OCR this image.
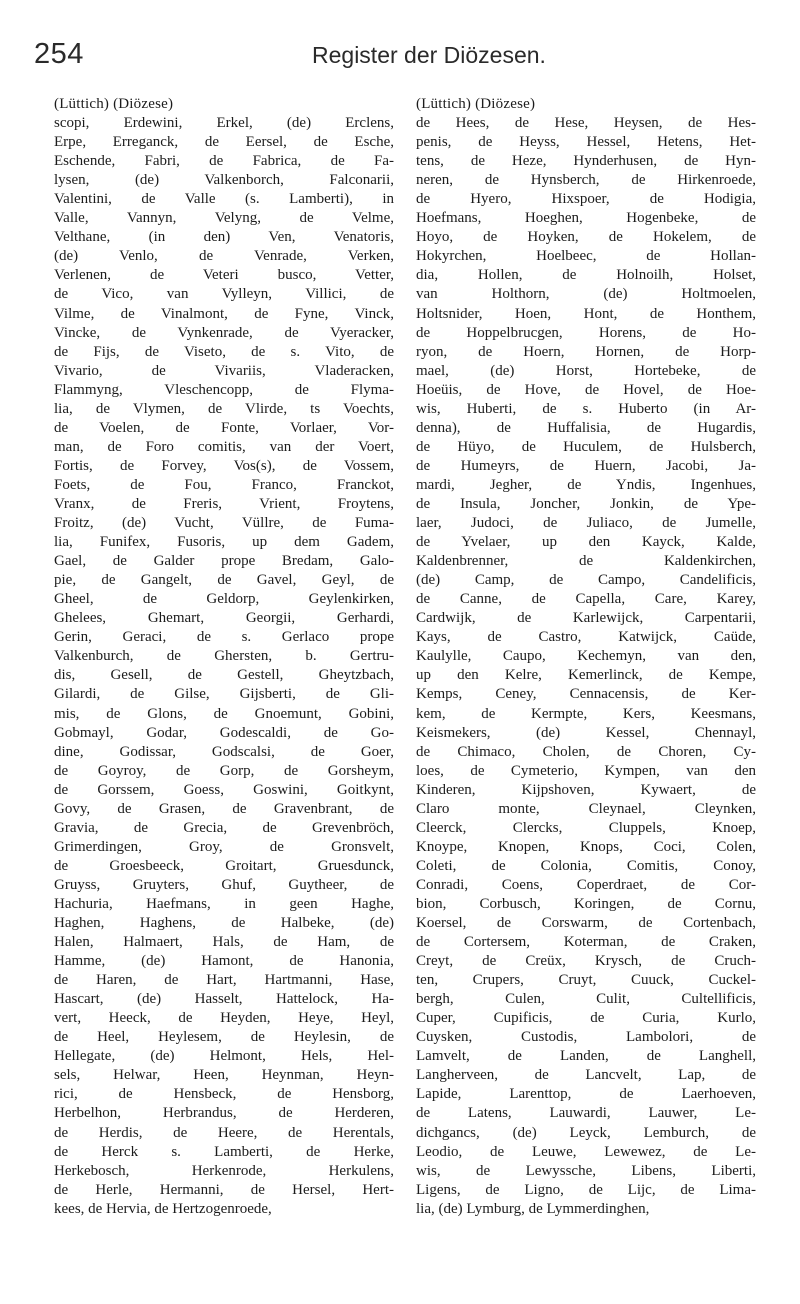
254	Register der Diözesen.
(Lüttich) (Diözese)
scopi, Erdewini, Erkel, (de) Erclens,
Erpe, Erreganck, de Eersel, de Esche,
Eschende, Fabri, de Fabrica, de Fa-
lysen, (de) Valkenborch, Falconarii,
Valentini, de Valle (s. Lamberti), in
Valle, Vannyn, Velyng, de Velme,
Velthane, (in den) Ven, Venatoris,
(de) Venlo, de Venrade, Verken,
Verlenen, de Veteri busco, Vetter,
de Vico, van Vylleyn, Villici, de
Vilme, de Vinalmont, de Fyne, Vinck,
Vincke, de Vynkenrade, de Vyeracker,
de Fijs, de Viseto, de s. Vito, de
Vivario, de Vivariis, Vladeracken,
Flammyng, Vleschencopp, de Flyma-
lia, de Vlymen, de Vlirde, ts Voechts,
de Voelen, de Fonte, Vorlaer, Vor-
man, de Foro comitis, van der Voert,
Fortis, de Forvey, Vos(s), de Vossem,
Foets, de Fou, Franco, Franckot,
Vranx, de Freris, Vrient, Froytens,
Froitz, (de) Vucht, Vüllre, de Fuma-
lia, Funifex, Fusoris, up dem Gadem,
Gael, de Galder prope Bredam, Galo-
pie, de Gangelt, de Gavel, Geyl, de
Gheel, de Geldorp, Geylenkirken,
Ghelees, Ghemart, Georgii, Gerhardi,
Gerin, Geraci, de s. Gerlaco prope
Valkenburch, de Ghersten, b. Gertru-
dis, Gesell, de Gestell, Gheytzbach,
Gilardi, de Gilse, Gijsberti, de Gli-
mis, de Glons, de Gnoemunt, Gobini,
Gobmayl, Godar, Godescaldi, de Go-
dine, Godissar, Godscalsi, de Goer,
de Goyroy, de Gorp, de Gorsheym,
de Gorssem, Goess, Goswini, Goitkynt,
Govy, de Grasen, de Gravenbrant, de
Gravia, de Grecia, de Grevenbröch,
Grimerdingen, Groy, de Gronsvelt,
de Groesbeeck, Groitart, Gruesdunck,
Gruyss, Gruyters, Ghuf, Guytheer, de
Hachuria, Haefmans, in geen Haghe,
Haghen, Haghens, de Halbeke, (de)
Halen, Halmaert, Hals, de Ham, de
Hamme, (de) Hamont, de Hanonia,
de Haren, de Hart, Hartmanni, Hase,
Hascart, (de) Hasselt, Hattelock, Ha-
vert, Heeck, de Heyden, Heye, Heyl,
de Heel, Heylesem, de Heylesin, de
Hellegate, (de) Helmont, Hels, Hel-
sels, Helwar, Heen, Heynman, Heyn-
rici, de Hensbeck, de Hensborg,
Herbelhon, Herbrandus, de Herderen,
de Herdis, de Heere, de Herentals,
de Herck s. Lamberti, de Herke,
Herkebosch, Herkenrode, Herkulens,
de Herle, Hermanni, de Hersel, Hert-
kees, de Hervia, de Hertzogenroede,
(Lüttich) (Diözese)
de Hees, de Hese, Heysen, de Hes-
penis, de Heyss, Hessel, Hetens, Het-
tens, de Heze, Hynderhusen, de Hyn-
neren, de Hynsberch, de Hirkenroede,
de Hyero, Hixspoer, de Hodigia,
Hoefmans, Hoeghen, Hogenbeke, de
Hoyo, de Hoyken, de Hokelem, de
Hokyrchen, Hoelbeec, de Hollan-
dia, Hollen, de Holnoilh, Holset,
van Holthorn, (de) Holtmoelen,
Holtsnider, Hoen, Hont, de Honthem,
de Hoppelbrucgen, Horens, de Ho-
ryon, de Hoern, Hornen, de Horp-
mael, (de) Horst, Hortebeke, de
Hoeüis, de Hove, de Hovel, de Hoe-
wis, Huberti, de s. Huberto (in Ar-
denna), de Huffalisia, de Hugardis,
de Hüyo, de Huculem, de Hulsberch,
de Humeyrs, de Huern, Jacobi, Ja-
mardi, Jegher, de Yndis, Ingenhues,
de Insula, Joncher, Jonkin, de Ype-
laer, Judoci, de Juliaco, de Jumelle,
de Yvelaer, up den Kayck, Kalde,
Kaldenbrenner, de Kaldenkirchen,
(de) Camp, de Campo, Candelificis,
de Canne, de Capella, Care, Karey,
Cardwijk, de Karlewijck, Carpentarii,
Kays, de Castro, Katwijck, Caüde,
Kaulylle, Caupo, Kechemyn, van den,
up den Kelre, Kemerlinck, de Kempe,
Kemps, Ceney, Cennacensis, de Ker-
kem, de Kermpte, Kers, Keesmans,
Keismekers, (de) Kessel, Chennayl,
de Chimaco, Cholen, de Choren, Cy-
loes, de Cymeterio, Kympen, van den
Kinderen, Kijpshoven, Kywaert, de
Claro monte, Cleynael, Cleynken,
Cleerck, Clercks, Cluppels, Knoep,
Knoype, Knopen, Knops, Coci, Colen,
Coleti, de Colonia, Comitis, Conoy,
Conradi, Coens, Coperdraet, de Cor-
bion, Corbusch, Koringen, de Cornu,
Koersel, de Corswarm, de Cortenbach,
de Cortersem, Koterman, de Craken,
Creyt, de Creüx, Krysch, de Cruch-
ten, Crupers, Cruyt, Cuuck, Cuckel-
bergh, Culen, Culit, Cultellificis,
Cuper, Cupificis, de Curia, Kurlo,
Cuysken, Custodis, Lambolori, de
Lamvelt, de Landen, de Langhell,
Langherveen, de Lancvelt, Lap, de
Lapide, Larenttop, de Laerhoeven,
de Latens, Lauwardi, Lauwer, Le-
dichgancs, (de) Leyck, Lemburch, de
Leodio, de Leuwe, Lewewez, de Le-
wis, de Lewyssche, Libens, Liberti,
Ligens, de Ligno, de Lijc, de Lima-
lia, (de) Lymburg, de Lymmerdinghen,
